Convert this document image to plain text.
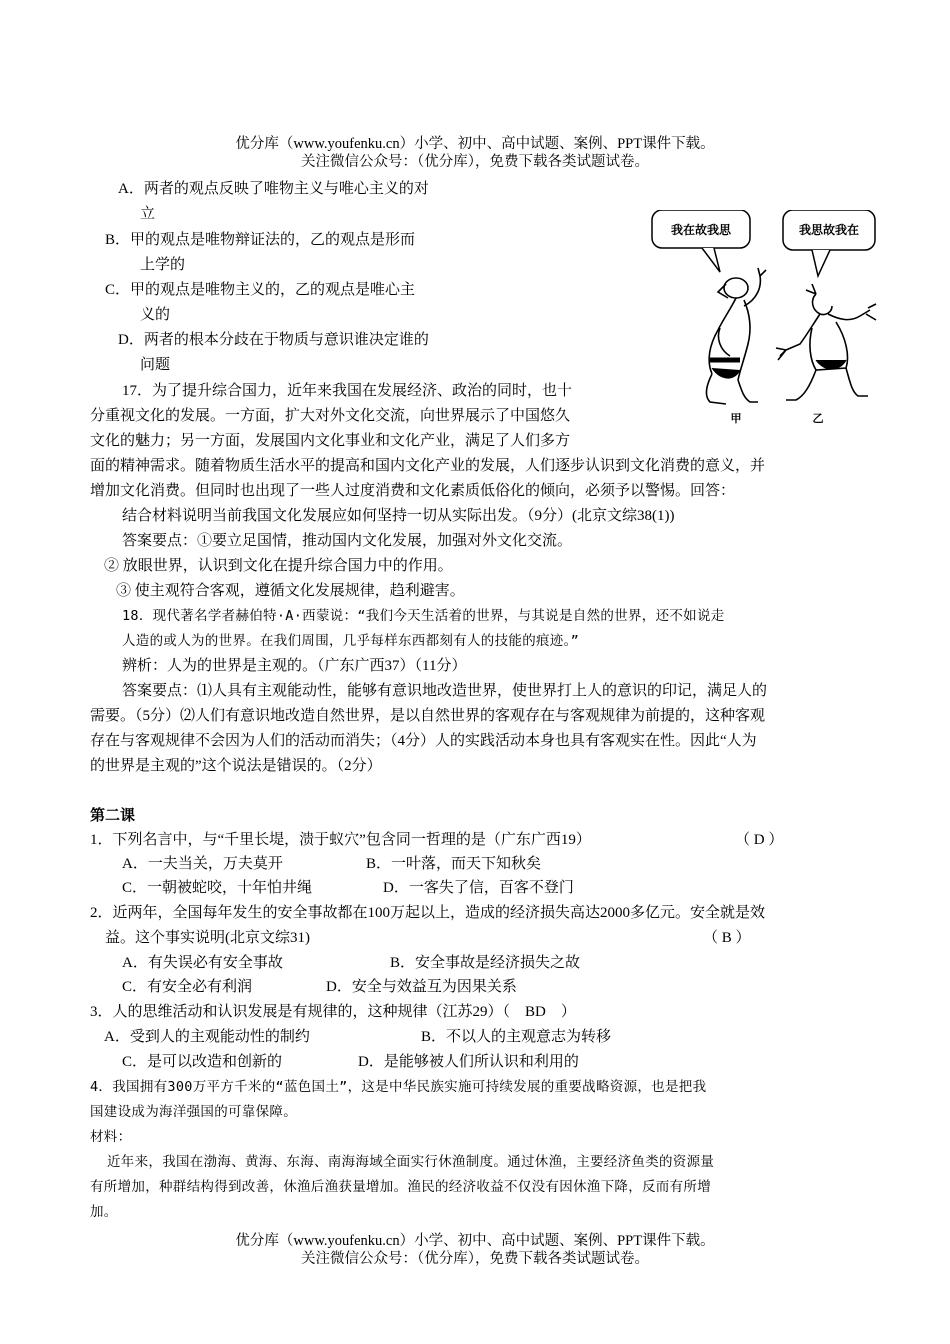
优分库（www.youfenku.cn）小学、初中、高中试题、案例、PPT课件下载。
关注微信公众号：（优分库），免费下载各类试题试卷。
A．两者的观点反映了唯物主义与唯心主义的对
立
B．甲的观点是唯物辩证法的，乙的观点是形而
上学的
C．甲的观点是唯物主义的，乙的观点是唯心主
义的
D．两者的根本分歧在于物质与意识谁决定谁的
问题
我在故我思	我思故我在
甲	乙
17．为了提升综合国力，近年来我国在发展经济、政治的同时，也十
分重视文化的发展。一方面，扩大对外文化交流，向世界展示了中国悠久
文化的魅力；另一方面，发展国内文化事业和文化产业，满足了人们多方
面的精神需求。随着物质生活水平的提高和国内文化产业的发展，人们逐步认识到文化消费的意义，并
增加文化消费。但同时也出现了一些人过度消费和文化素质低俗化的倾向，必须予以警惕。回答：
结合材料说明当前我国文化发展应如何坚持一切从实际出发。（9分）(北京文综38(1))
答案要点：①要立足国情，推动国内文化发展，加强对外文化交流。
② 放眼世界，认识到文化在提升综合国力中的作用。
③ 使主观符合客观，遵循文化发展规律，趋利避害。
18．现代著名学者赫伯特·A·西蒙说：“我们今天生活着的世界，与其说是自然的世界，还不如说走
人造的或人为的世界。在我们周围，几乎每样东西都刻有人的技能的痕迹。”
辨析：人为的世界是主观的。（广东广西37）（11分）
答案要点：⑴人具有主观能动性，能够有意识地改造世界，使世界打上人的意识的印记，满足人的
需要。（5分）⑵人们有意识地改造自然世界，是以自然世界的客观存在与客观规律为前提的，这种客观
存在与客观规律不会因为人们的活动而消失；（4分）人的实践活动本身也具有客观实在性。因此“人为
的世界是主观的”这个说法是错误的。（2分）
第二课
1．下列名言中，与“千里长堤，溃于蚁穴”包含同一哲理的是（广东广西19）	（ D ）
A．一夫当关，万夫莫开	B．一叶落，而天下知秋矣
C．一朝被蛇咬，十年怕井绳	D．一客失了信，百客不登门
2．近两年，全国每年发生的安全事故都在100万起以上，造成的经济损失高达2000多亿元。安全就是效
益。这个事实说明(北京文综31)	（ B ）
A．有失误必有安全事故	B．安全事故是经济损失之故
C．有安全必有利润	D．安全与效益互为因果关系
3．人的思维活动和认识发展是有规律的，这种规律（江苏29）（　BD　）
A．受到人的主观能动性的制约	B．不以人的主观意志为转移
C．是可以改造和创新的	D．是能够被人们所认识和利用的
4．我国拥有300万平方千米的“蓝色国土”，这是中华民族实施可持续发展的重要战略资源，也是把我
国建设成为海洋强国的可靠保障。
材料：
近年来，我国在渤海、黄海、东海、南海海域全面实行休渔制度。通过休渔，主要经济鱼类的资源量
有所增加，种群结构得到改善，休渔后渔获量增加。渔民的经济收益不仅没有因休渔下降，反而有所增
加。
优分库（www.youfenku.cn）小学、初中、高中试题、案例、PPT课件下载。
关注微信公众号：（优分库），免费下载各类试题试卷。
